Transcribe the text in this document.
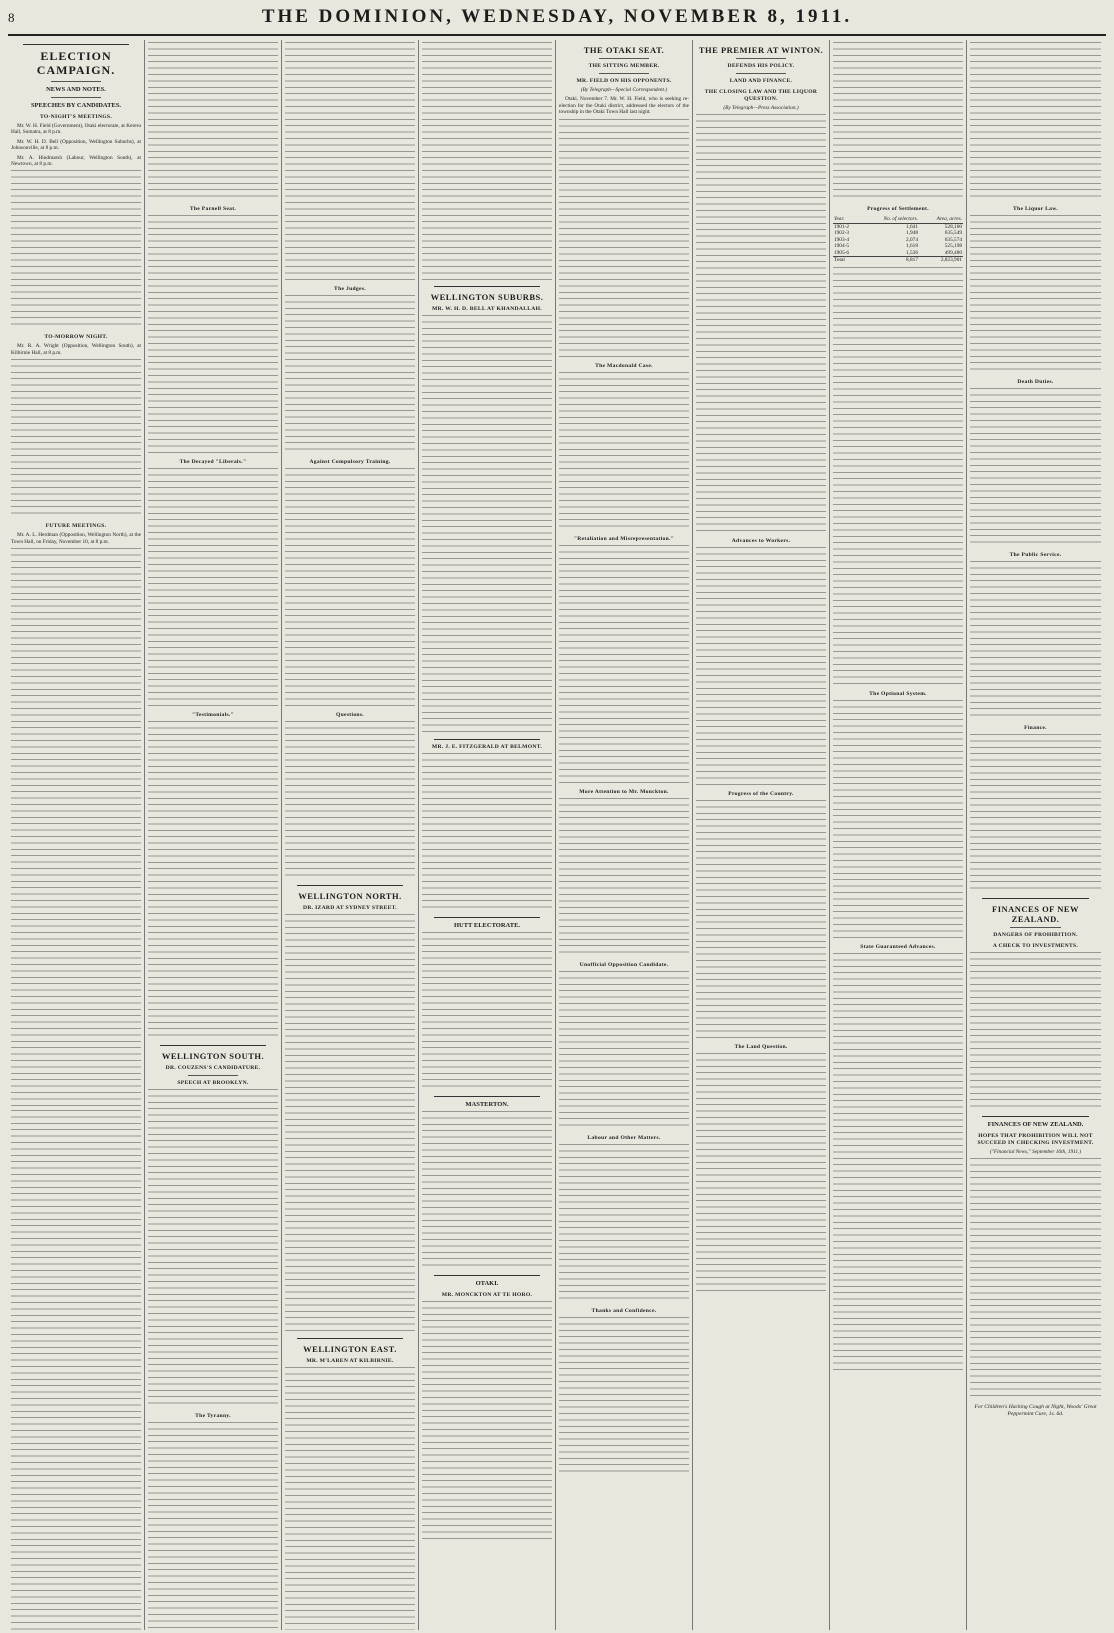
8	THE DOMINION, WEDNESDAY, NOVEMBER 8, 1911.
ELECTION CAMPAIGN.
NEWS AND NOTES.
SPEECHES BY CANDIDATES.
TO-NIGHT'S MEETINGS.

Mr. W. H. Field (Government), Otaki electorate, at Kereru Hall, Sumatra, at 8 p.m.

Mr. W. H. D. Bell (Opposition, Wellington Suburbs), at Johnsonville, at 8 p.m.

Mr. A. Hindmarsh (Labour, Wellington South), at Newtown, at 8 p.m.

TO-MORROW NIGHT.

Mr. R. A. Wright (Opposition, Wellington South), at Kilbirnie Hall, at 8 p.m.

FUTURE MEETINGS.

Mr. A. L. Herdman (Opposition, Wellington North), at the Town Hall, on Friday, November 10, at 8 p.m.

The Parnell Seat.
The Decayed "Liberals."
"Testimonials."
WELLINGTON SOUTH.
DR. COUZENS'S CANDIDATURE.
SPEECH AT BROOKLYN.
The Tyranny.
The Judges.
Against Compulsory Training.
Questions.
WELLINGTON NORTH.
DR. IZARD AT SYDNEY STREET.
WELLINGTON EAST.
MR. M'LAREN AT KILBIRNIE.
WELLINGTON SUBURBS.
MR. W. H. D. BELL AT KHANDALLAH.
MR. J. E. FITZGERALD AT BELMONT.
HUTT ELECTORATE.
MASTERTON.
OTAKI.
MR. MONCKTON AT TE HORO.
THE OTAKI SEAT.
THE SITTING MEMBER.
MR. FIELD ON HIS OPPONENTS.
(By Telegraph—Special Correspondent.)

Otaki, November 7. Mr. W. H. Field, who is seeking re-election for the Otaki district, addressed the electors of the township in the Otaki Town Hall last night.

The Macdonald Case.
"Retaliation and Misrepresentation."
More Attention to Mr. Monckton.
Unofficial Opposition Candidate.
Labour and Other Matters.
Thanks and Confidence.
THE PREMIER AT WINTON.
DEFENDS HIS POLICY.
LAND AND FINANCE.
THE CLOSING LAW AND THE LIQUOR QUESTION.
(By Telegraph—Press Association.)
Advances to Workers.
Progress of the Country.
The Land Question.
Progress of Settlement.
Year.	No. of selectors.	Area, acres.
1901-2	1,641	528,100
1902-3	1,948	635,549
1903-4	2,074	635,574
1904-5	1,618	525,198
1905-6	1,536	499,480
Total	8,817	2,823,901
The Optional System.
State Guaranteed Advances.
The Liquor Law.
Death Duties.
The Public Service.
Finance.
FINANCES OF NEW ZEALAND.
DANGERS OF PROHIBITION.
A CHECK TO INVESTMENTS.
FINANCES OF NEW ZEALAND.
HOPES THAT PROHIBITION WILL NOT SUCCEED IN CHECKING INVESTMENT.
("Financial News," September 16th, 1911.)
For Children's Hacking Cough at Night, Woods' Great Peppermint Cure, 1s. 6d.
